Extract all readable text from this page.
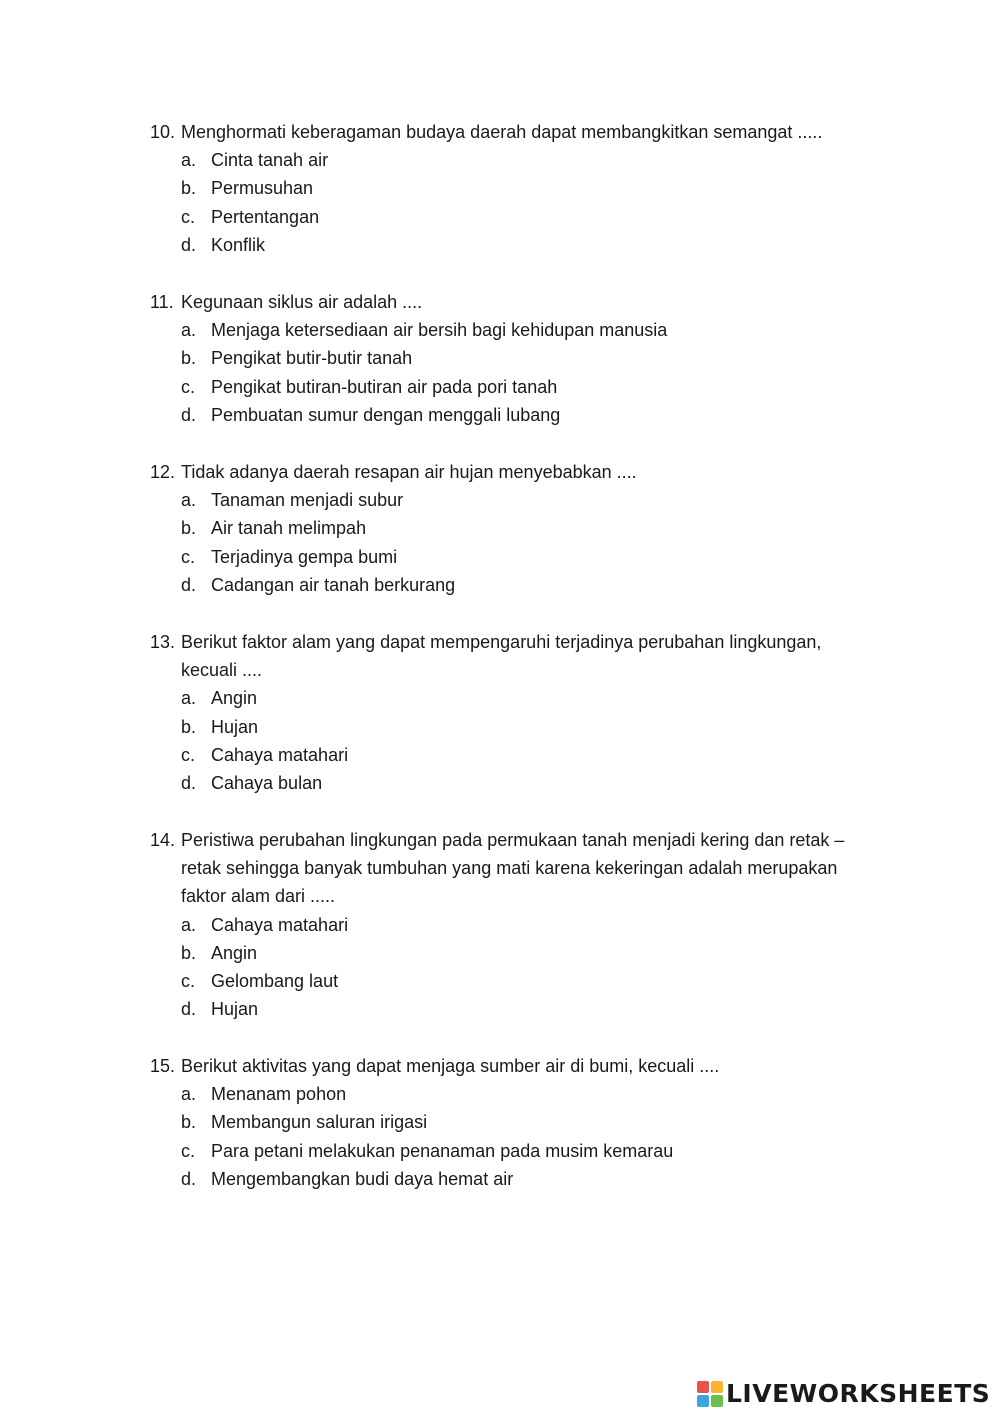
10. Menghormati keberagaman budaya daerah dapat membangkitkan semangat .....
a. Cinta tanah air
b. Permusuhan
c. Pertentangan
d. Konflik
11. Kegunaan siklus air adalah ....
a. Menjaga ketersediaan air bersih bagi kehidupan manusia
b. Pengikat butir-butir tanah
c. Pengikat butiran-butiran air pada pori tanah
d. Pembuatan sumur dengan menggali lubang
12. Tidak adanya daerah resapan air hujan menyebabkan ....
a. Tanaman menjadi subur
b. Air tanah melimpah
c. Terjadinya gempa bumi
d. Cadangan air tanah berkurang
13. Berikut faktor alam yang dapat mempengaruhi terjadinya perubahan lingkungan, kecuali ....
a. Angin
b. Hujan
c. Cahaya matahari
d. Cahaya bulan
14. Peristiwa perubahan lingkungan pada permukaan tanah menjadi kering dan retak – retak sehingga banyak tumbuhan yang mati karena kekeringan adalah merupakan faktor alam dari .....
a. Cahaya matahari
b. Angin
c. Gelombang laut
d. Hujan
15. Berikut aktivitas yang dapat menjaga sumber air di bumi, kecuali ....
a. Menanam pohon
b. Membangun saluran irigasi
c. Para petani melakukan penanaman pada musim kemarau
d. Mengembangkan budi daya hemat air
LIVEWORKSHEETS
